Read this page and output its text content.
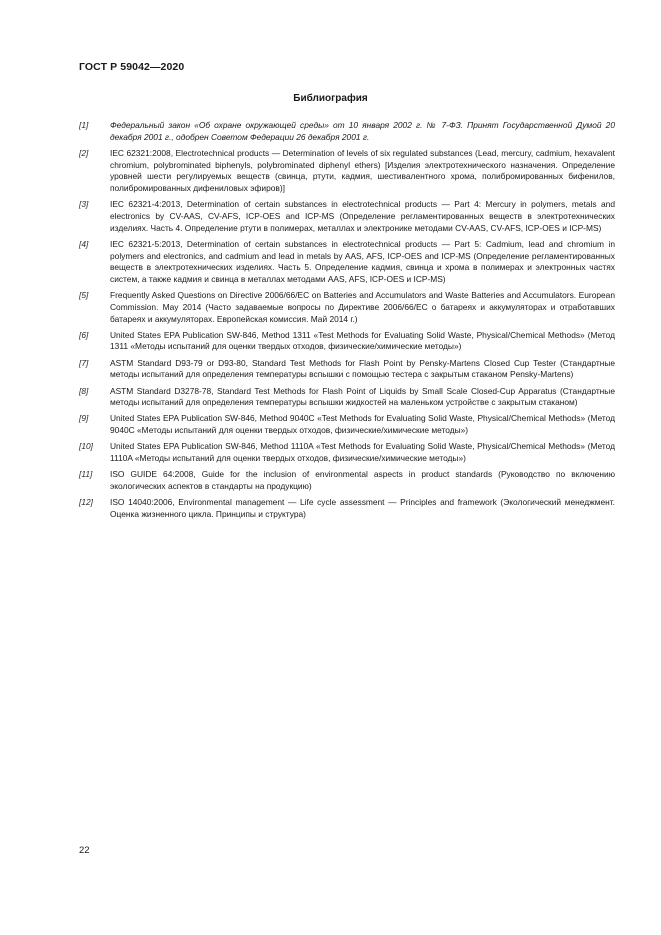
ГОСТ Р 59042—2020
Библиография
[1]	Федеральный закон «Об охране окружающей среды» от 10 января 2002 г. № 7-ФЗ. Принят Государственной Думой 20 декабря 2001 г., одобрен Советом Федерации 26 декабря 2001 г.
[2]	IEC 62321:2008, Electrotechnical products — Determination of levels of six regulated substances (Lead, mercury, cadmium, hexavalent chromium, polybrominated biphenyls, polybrominated diphenyl ethers) [Изделия электротехнического назначения. Определение уровней шести регулируемых веществ (свинца, ртути, кадмия, шестивалентного хрома, полибромированных бифенилов, полибромированных дифениловых эфиров)]
[3]	IEC 62321-4:2013, Determination of certain substances in electrotechnical products — Part 4: Mercury in polymers, metals and electronics by CV-AAS, CV-AFS, ICP-OES and ICP-MS (Определение регламентированных веществ в электротехнических изделиях. Часть 4. Определение ртути в полимерах, металлах и электронике методами CV-AAS, CV-AFS, ICP-OES и ICP-MS)
[4]	IEC 62321-5:2013, Determination of certain substances in electrotechnical products — Part 5: Cadmium, lead and chromium in polymers and electronics, and cadmium and lead in metals by AAS, AFS, ICP-OES and ICP-MS (Определение регламентированных веществ в электротехнических изделиях. Часть 5. Определение кадмия, свинца и хрома в полимерах и электронных частях систем, а также кадмия и свинца в металлах методами AAS, AFS, ICP-OES и ICP-MS)
[5]	Frequently Asked Questions on Directive 2006/66/EC on Batteries and Accumulators and Waste Batteries and Accumulators. European Commission. May 2014 (Часто задаваемые вопросы по Директиве 2006/66/EC о батареях и аккумуляторах и отработавших батареях и аккумуляторах. Европейская комиссия. Май 2014 г.)
[6]	United States EPA Publication SW-846, Method 1311 «Test Methods for Evaluating Solid Waste, Physical/Chemical Methods» (Метод 1311 «Методы испытаний для оценки твердых отходов, физические/химические методы»)
[7]	ASTM Standard D93-79 or D93-80, Standard Test Methods for Flash Point by Pensky-Martens Closed Cup Tester (Стандартные методы испытаний для определения температуры вспышки с помощью тестера с закрытым стаканом Pensky-Martens)
[8]	ASTM Standard D3278-78, Standard Test Methods for Flash Point of Liquids by Small Scale Closed-Cup Apparatus (Стандартные методы испытаний для определения температуры вспышки жидкостей на маленьком устройстве с закрытым стаканом)
[9]	United States EPA Publication SW-846, Method 9040C «Test Methods for Evaluating Solid Waste, Physical/Chemical Methods» (Метод 9040C «Методы испытаний для оценки твердых отходов, физические/химические методы»)
[10]	United States EPA Publication SW-846, Method 1110A «Test Methods for Evaluating Solid Waste, Physical/Chemical Methods» (Метод 1110A «Методы испытаний для оценки твердых отходов, физические/химические методы»)
[11]	ISO GUIDE 64:2008, Guide for the inclusion of environmental aspects in product standards (Руководство по включению экологических аспектов в стандарты на продукцию)
[12]	ISO 14040:2006, Environmental management — Life cycle assessment — Principles and framework (Экологический менеджмент. Оценка жизненного цикла. Принципы и структура)
22
